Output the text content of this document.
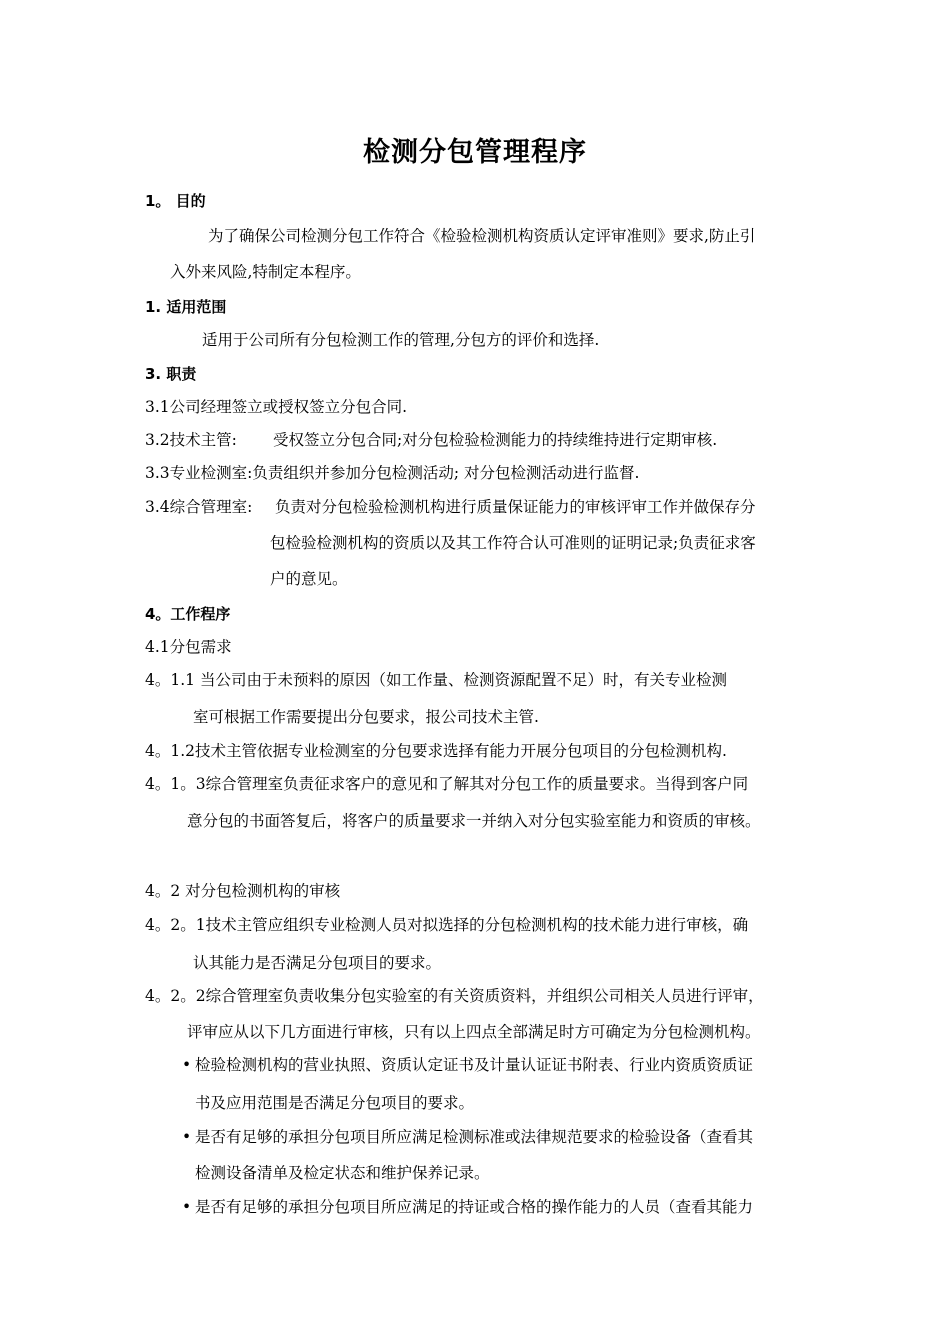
检测分包管理程序
1。 目的
为了确保公司检测分包工作符合《检验检测机构资质认定评审准则》要求,防止引
入外来风险,特制定本程序。
1. 适用范围
适用于公司所有分包检测工作的管理,分包方的评价和选择.
3. 职责
3.1公司经理签立或授权签立分包合同.
3.2技术主管: 受权签立分包合同;对分包检验检测能力的持续维持进行定期审核.
3.3专业检测室:负责组织并参加分包检测活动; 对分包检测活动进行监督.
3.4综合管理室: 负责对分包检验检测机构进行质量保证能力的审核评审工作并做保存分
包检验检测机构的资质以及其工作符合认可准则的证明记录;负责征求客
户的意见。
4。工作程序
4.1分包需求
4。1.1 当公司由于未预料的原因（如工作量、检测资源配置不足）时，有关专业检测
室可根据工作需要提出分包要求，报公司技术主管.
4。1.2技术主管依据专业检测室的分包要求选择有能力开展分包项目的分包检测机构.
4。1。3综合管理室负责征求客户的意见和了解其对分包工作的质量要求。当得到客户同
意分包的书面答复后，将客户的质量要求一并纳入对分包实验室能力和资质的审核。
4。2 对分包检测机构的审核
4。2。1技术主管应组织专业检测人员对拟选择的分包检测机构的技术能力进行审核，确
认其能力是否满足分包项目的要求。
4。2。2综合管理室负责收集分包实验室的有关资质资料，并组织公司相关人员进行评审，
评审应从以下几方面进行审核，只有以上四点全部满足时方可确定为分包检测机构。
• 检验检测机构的营业执照、资质认定证书及计量认证证书附表、行业内资质资质证
书及应用范围是否满足分包项目的要求。
• 是否有足够的承担分包项目所应满足检测标准或法律规范要求的检验设备（查看其
检测设备清单及检定状态和维护保养记录。
• 是否有足够的承担分包项目所应满足的持证或合格的操作能力的人员（查看其能力
